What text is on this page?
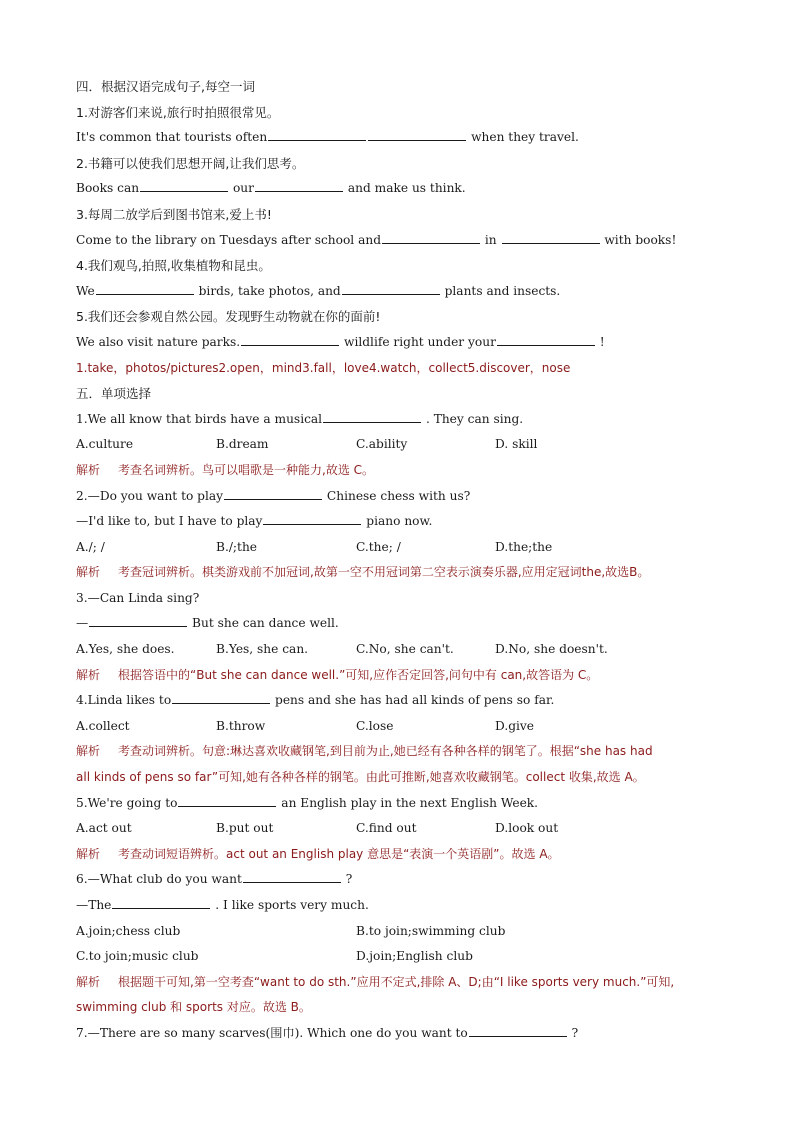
四．根据汉语完成句子,每空一词
1.对游客们来说,旅行时拍照很常见。
It's common that tourists often	when they travel.
2.书籍可以使我们思想开阔,让我们思考。
Books can	our	and make us think.
3.每周二放学后到图书馆来,爱上书!
Come to the library on Tuesdays after school and	in	with books!
4.我们观鸟,拍照,收集植物和昆虫。
We	birds, take photos, and	plants and insects.
5.我们还会参观自然公园。发现野生动物就在你的面前!
We also visit nature parks.	wildlife right under your	!
1.take，photos/pictures2.open，mind3.fall，love4.watch，collect5.discover，nose
五．单项选择
1.We all know that birds have a musical	. They can sing.
A.culture	B.dream	C.ability	D. skill
解析 考查名词辨析。鸟可以唱歌是一种能力,故选 C。
2.—Do you want to play	Chinese chess with us?
—I'd like to, but I have to play	piano now.
A./; /	B./;the	C.the; /	D.the;the
解析 考查冠词辨析。棋类游戏前不加冠词,故第一空不用冠词第二空表示演奏乐器,应用定冠词the,故选B。
3.—Can Linda sing?
—	But she can dance well.
A.Yes, she does.	B.Yes, she can.	C.No, she can't.	D.No, she doesn't.
解析 根据答语中的“But she can dance well.”可知,应作否定回答,问句中有 can,故答语为 C。
4.Linda likes to	pens and she has had all kinds of pens so far.
A.collect	B.throw	C.lose	D.give
解析 考查动词辨析。句意:琳达喜欢收藏钢笔,到目前为止,她已经有各种各样的钢笔了。根据“she has had
all kinds of pens so far”可知,她有各种各样的钢笔。由此可推断,她喜欢收藏钢笔。collect 收集,故选 A。
5.We're going to	an English play in the next English Week.
A.act out	B.put out	C.find out	D.look out
解析 考查动词短语辨析。act out an English play 意思是“表演一个英语剧”。故选 A。
6.—What club do you want	?
—The	. I like sports very much.
A.join;chess club	B.to join;swimming club
C.to join;music club	D.join;English club
解析 根据题干可知,第一空考查“want to do sth.”应用不定式,排除 A、D;由“I like sports very much.”可知,
swimming club 和 sports 对应。故选 B。
7.—There are so many scarves(围巾). Which one do you want to	?
